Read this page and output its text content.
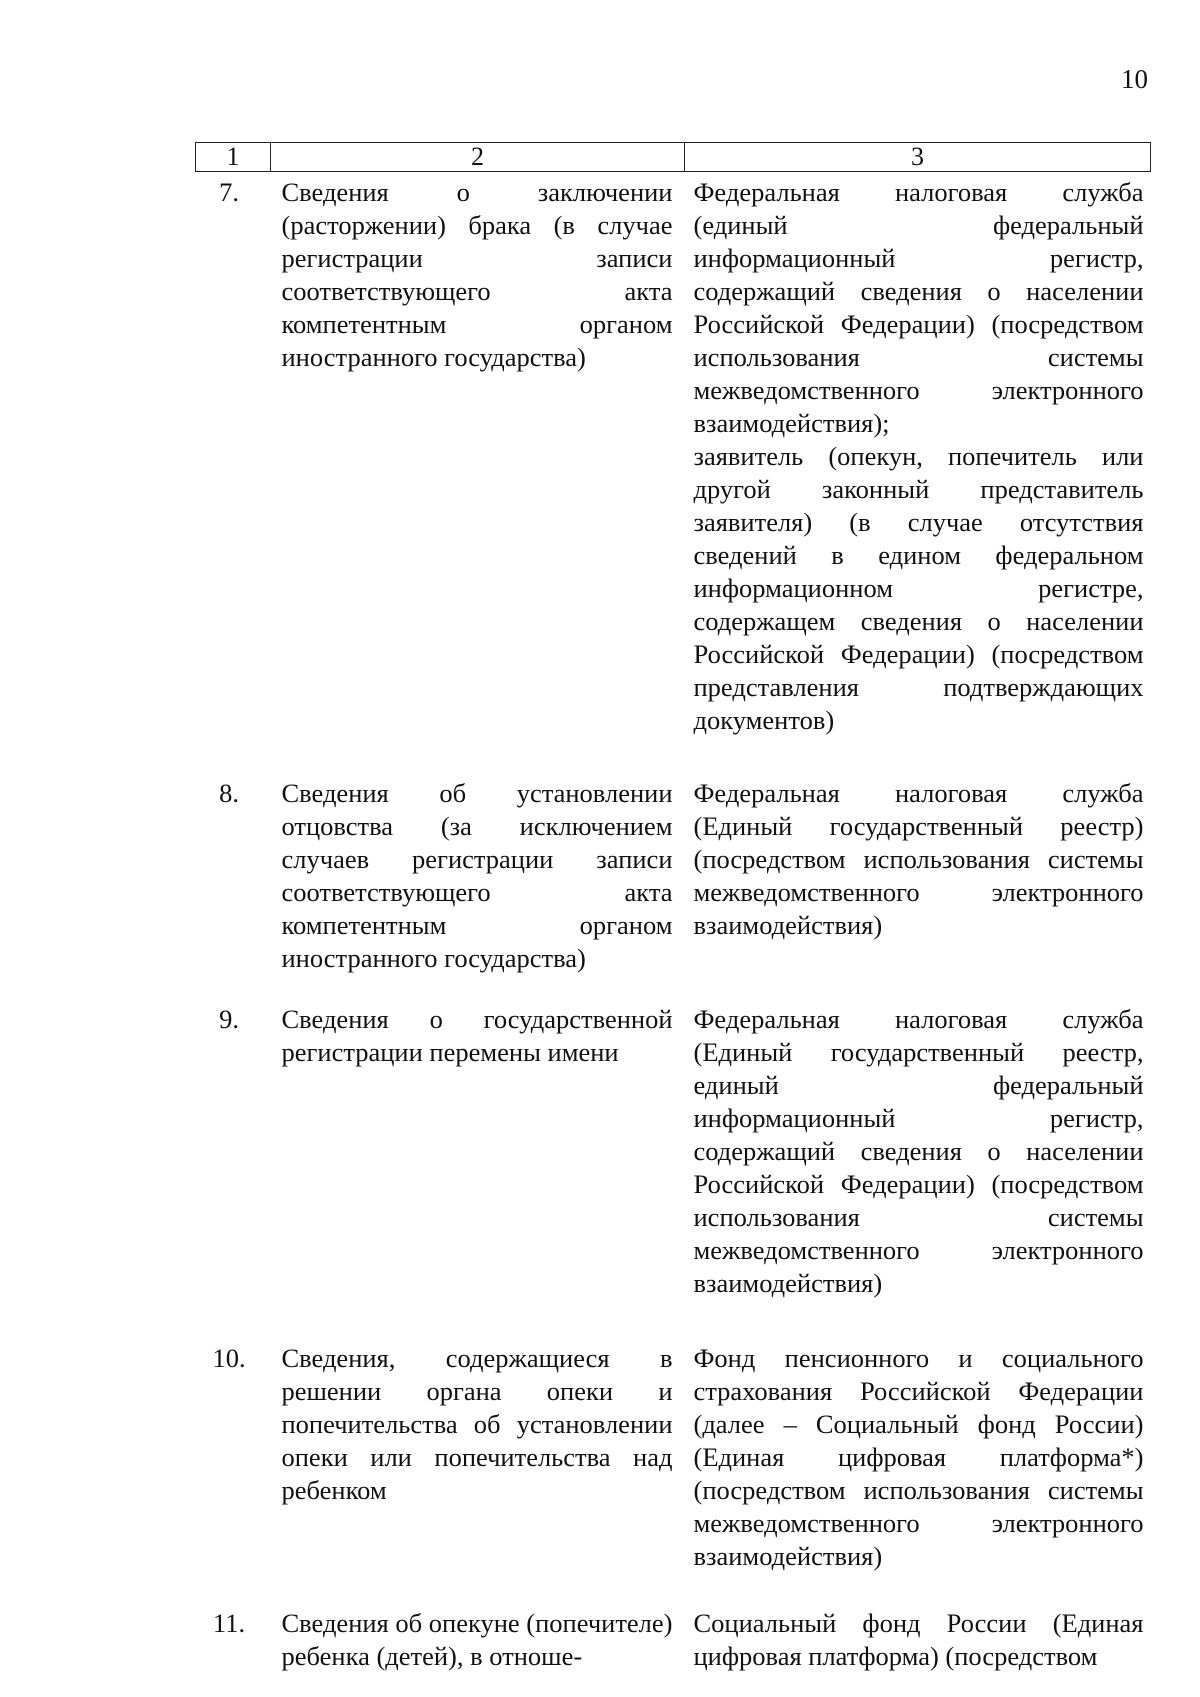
10
1	2	3
7.	Сведения о заключении (расторжении) брака (в случае регистрации записи соответствующего акта компетентным органом иностранного государства)	Федеральная налоговая служба (единый федеральный информационный регистр, содержащий сведения о населении Российской Федерации) (посредством использования системы межведомственного электронного взаимодействия);
заявитель (опекун, попечитель или другой законный представитель заявителя) (в случае отсутствия сведений в едином федеральном информационном регистре, содержащем сведения о населении Российской Федерации) (посредством представления подтверждающих документов)

8.	Сведения об установлении отцовства (за исключением случаев регистрации записи соответствующего акта компетентным органом иностранного государства)	Федеральная налоговая служба (Единый государственный реестр) (посредством использования системы межведомственного электронного взаимодействия)

9.	Сведения о государственной регистрации перемены имени	Федеральная налоговая служба (Единый государственный реестр, единый федеральный информационный регистр, содержащий сведения о населении Российской Федерации) (посредством использования системы межведомственного электронного взаимодействия)

10.	Сведения, содержащиеся в решении органа опеки и попечительства об установлении опеки или попечительства над ребенком	Фонд пенсионного и социального страхования Российской Федерации (далее – Социальный фонд России) (Единая цифровая платформа*) (посредством использования системы межведомственного электронного взаимодействия)

11.	Сведения об опекуне (попечителе) ребенка (детей), в отноше-	Социальный фонд России (Единая цифровая платформа) (посредством
